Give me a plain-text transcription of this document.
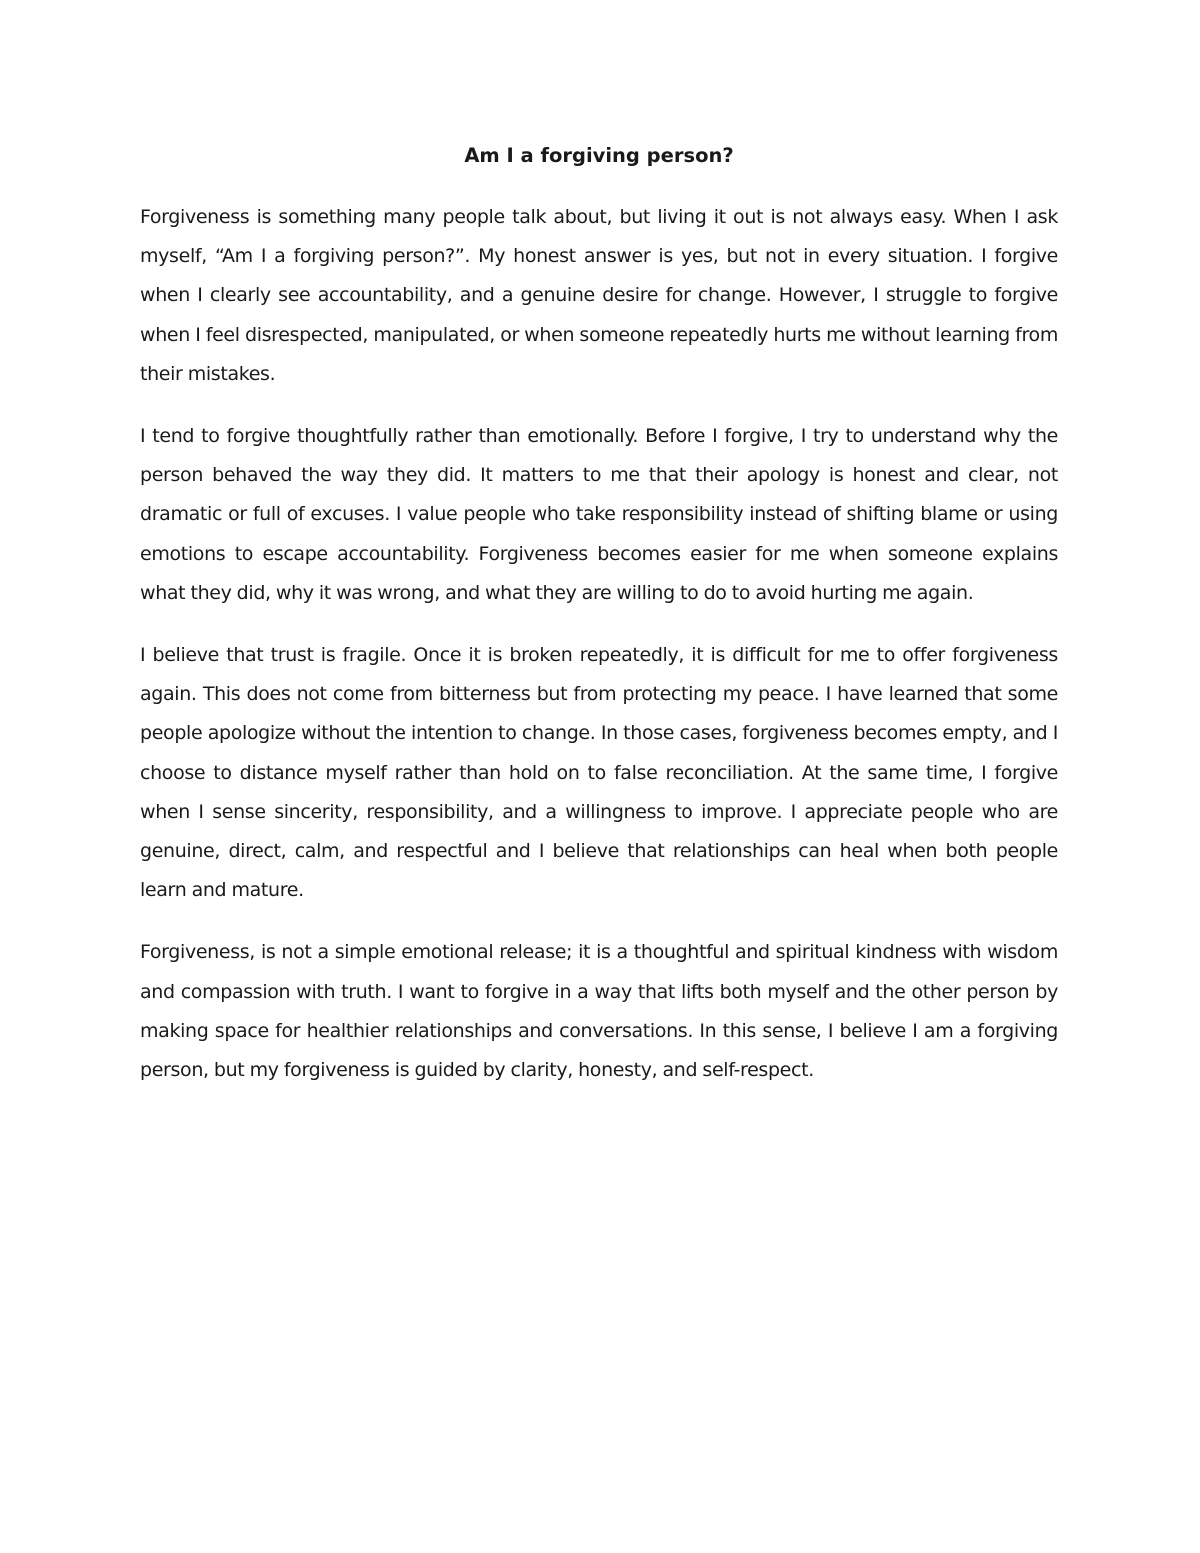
Am I a forgiving person?

Forgiveness is something many people talk about, but living it out is not always easy. When I ask myself, “Am I a forgiving person?”. My honest answer is yes, but not in every situation. I forgive when I clearly see accountability, and a genuine desire for change. However, I struggle to forgive when I feel disrespected, manipulated, or when someone repeatedly hurts me without learning from their mistakes.

I tend to forgive thoughtfully rather than emotionally. Before I forgive, I try to understand why the person behaved the way they did. It matters to me that their apology is honest and clear, not dramatic or full of excuses. I value people who take responsibility instead of shifting blame or using emotions to escape accountability. Forgiveness becomes easier for me when someone explains what they did, why it was wrong, and what they are willing to do to avoid hurting me again.

I believe that trust is fragile. Once it is broken repeatedly, it is difficult for me to offer forgiveness again. This does not come from bitterness but from protecting my peace. I have learned that some people apologize without the intention to change. In those cases, forgiveness becomes empty, and I choose to distance myself rather than hold on to false reconciliation. At the same time, I forgive when I sense sincerity, responsibility, and a willingness to improve. I appreciate people who are genuine, direct, calm, and respectful and I believe that relationships can heal when both people learn and mature.

Forgiveness, is not a simple emotional release; it is a thoughtful and spiritual kindness with wisdom and compassion with truth. I want to forgive in a way that lifts both myself and the other person by making space for healthier relationships and conversations. In this sense, I believe I am a forgiving person, but my forgiveness is guided by clarity, honesty, and self-respect.
